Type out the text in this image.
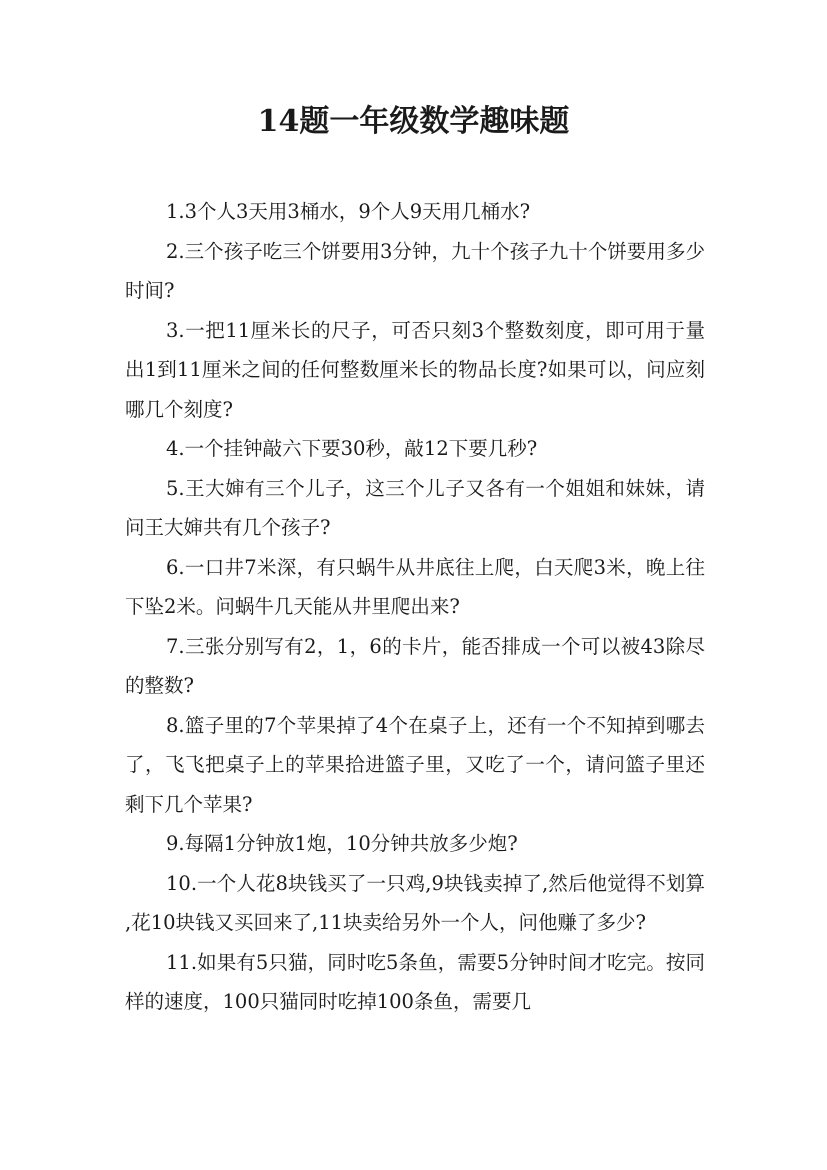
14题一年级数学趣味题

1.3个人3天用3桶水，9个人9天用几桶水?

2.三个孩子吃三个饼要用3分钟，九十个孩子九十个饼要用多少时间?

3.一把11厘米长的尺子，可否只刻3个整数刻度，即可用于量出1到11厘米之间的任何整数厘米长的物品长度?如果可以，问应刻哪几个刻度?

4.一个挂钟敲六下要30秒，敲12下要几秒?

5.王大婶有三个儿子，这三个儿子又各有一个姐姐和妹妹，请问王大婶共有几个孩子?

6.一口井7米深，有只蜗牛从井底往上爬，白天爬3米，晚上往下坠2米。问蜗牛几天能从井里爬出来?

7.三张分别写有2，1，6的卡片，能否排成一个可以被43除尽的整数?

8.篮子里的7个苹果掉了4个在桌子上，还有一个不知掉到哪去了，飞飞把桌子上的苹果拾进篮子里，又吃了一个，请问篮子里还剩下几个苹果?

9.每隔1分钟放1炮，10分钟共放多少炮?

10.一个人花8块钱买了一只鸡,9块钱卖掉了,然后他觉得不划算,花10块钱又买回来了,11块卖给另外一个人，问他赚了多少?

11.如果有5只猫，同时吃5条鱼，需要5分钟时间才吃完。按同样的速度，100只猫同时吃掉100条鱼，需要几
